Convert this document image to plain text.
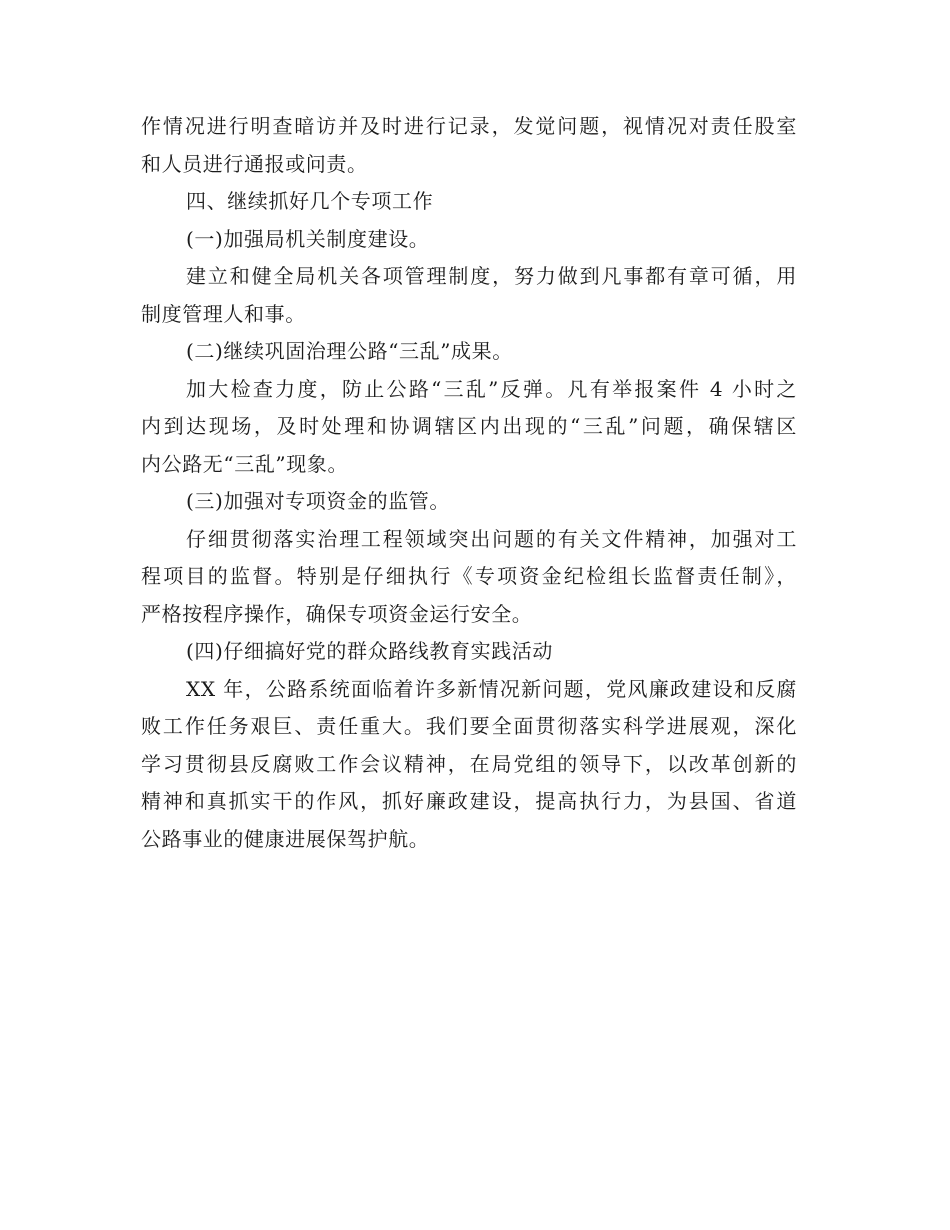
作情况进行明查暗访并及时进行记录，发觉问题，视情况对责任股室
和人员进行通报或问责。
四、继续抓好几个专项工作
(一)加强局机关制度建设。
建立和健全局机关各项管理制度，努力做到凡事都有章可循，用
制度管理人和事。
(二)继续巩固治理公路“三乱”成果。
加大检查力度，防止公路“三乱”反弹。凡有举报案件 4 小时之
内到达现场，及时处理和协调辖区内出现的“三乱”问题，确保辖区
内公路无“三乱”现象。
(三)加强对专项资金的监管。
仔细贯彻落实治理工程领域突出问题的有关文件精神，加强对工
程项目的监督。特别是仔细执行《专项资金纪检组长监督责任制》，
严格按程序操作，确保专项资金运行安全。
(四)仔细搞好党的群众路线教育实践活动
XX 年，公路系统面临着许多新情况新问题，党风廉政建设和反腐
败工作任务艰巨、责任重大。我们要全面贯彻落实科学进展观，深化
学习贯彻县反腐败工作会议精神，在局党组的领导下，以改革创新的
精神和真抓实干的作风，抓好廉政建设，提高执行力，为县国、省道
公路事业的健康进展保驾护航。
